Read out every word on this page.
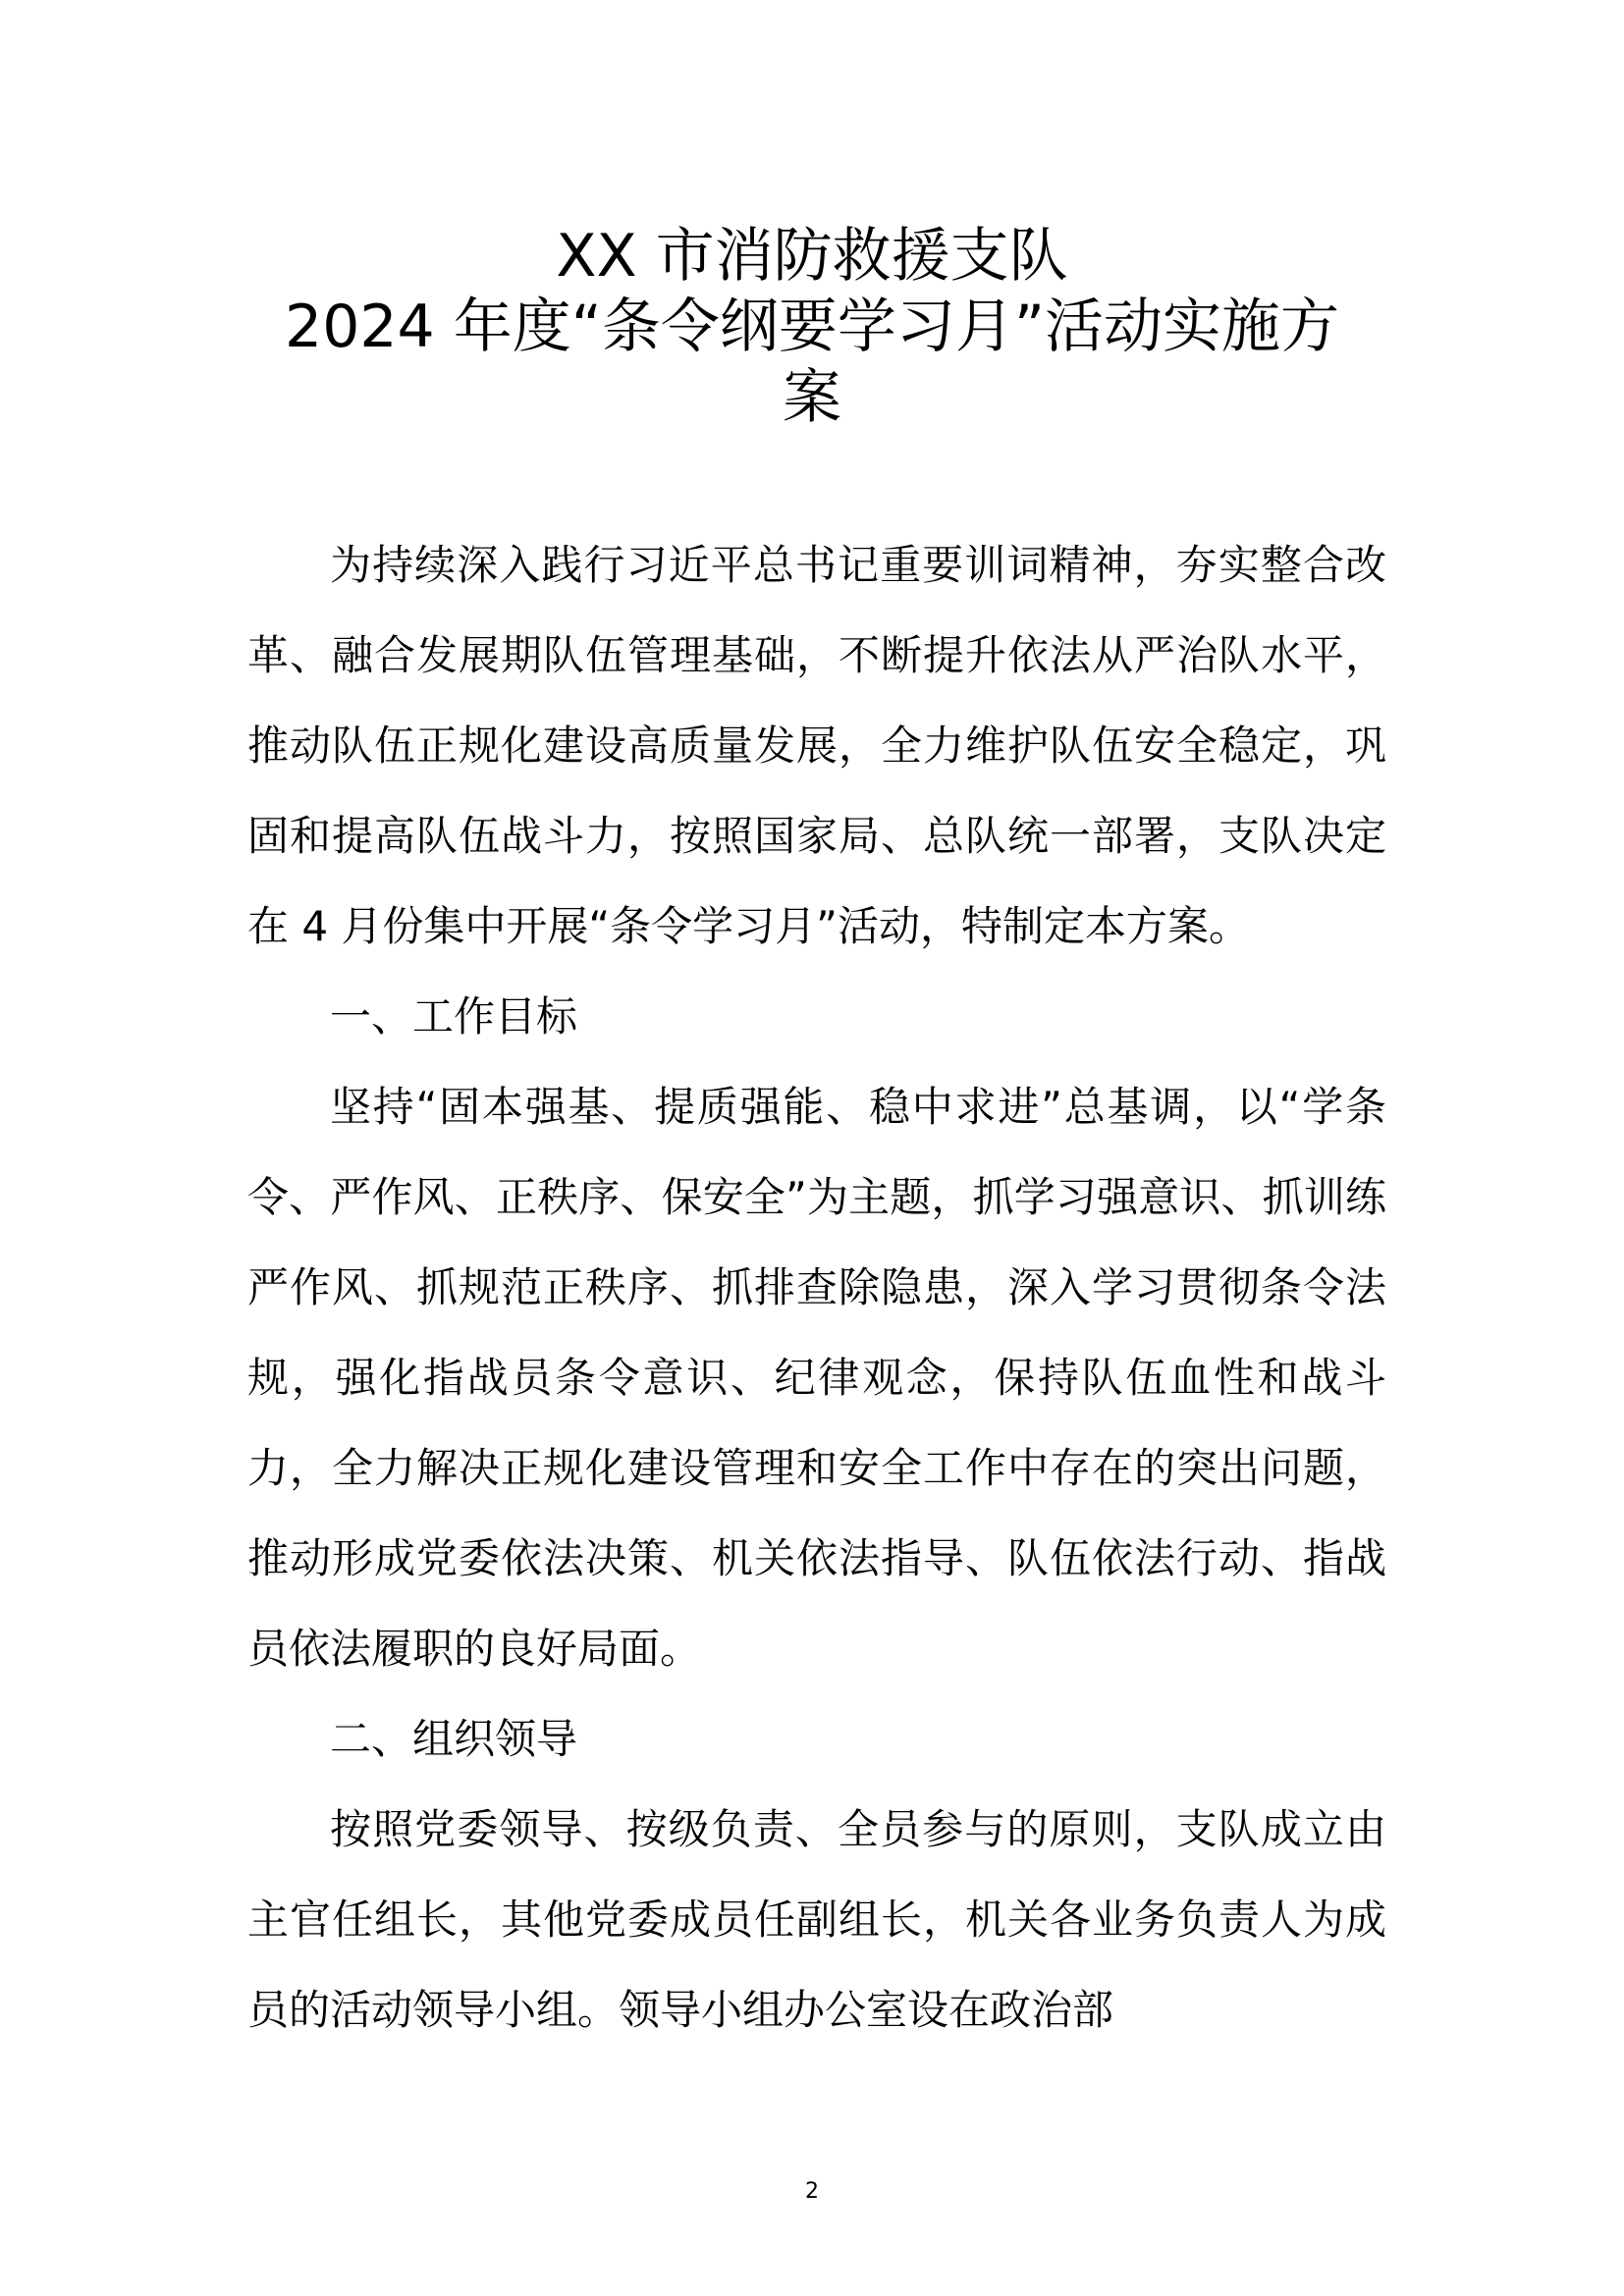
XX 市消防救援支队
2024 年度“条令纲要学习月”活动实施方
案

为持续深入践行习近平总书记重要训词精神，夯实整合改革、融合发展期队伍管理基础，不断提升依法从严治队水平，推动队伍正规化建设高质量发展，全力维护队伍安全稳定，巩固和提高队伍战斗力，按照国家局、总队统一部署，支队决定在 4 月份集中开展“条令学习月”活动，特制定本方案。

一、工作目标

坚持“固本强基、提质强能、稳中求进”总基调，以“学条令、严作风、正秩序、保安全”为主题，抓学习强意识、抓训练严作风、抓规范正秩序、抓排查除隐患，深入学习贯彻条令法规，强化指战员条令意识、纪律观念，保持队伍血性和战斗力，全力解决正规化建设管理和安全工作中存在的突出问题，推动形成党委依法决策、机关依法指导、队伍依法行动、指战员依法履职的良好局面。

二、组织领导

按照党委领导、按级负责、全员参与的原则，支队成立由主官任组长，其他党委成员任副组长，机关各业务负责人为成员的活动领导小组。领导小组办公室设在政治部

2
